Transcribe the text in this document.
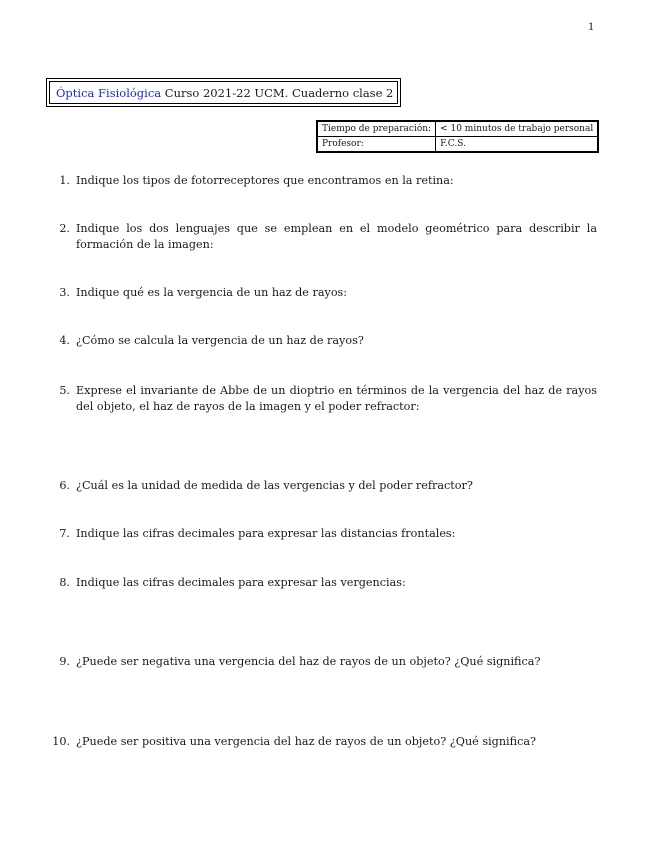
1
Óptica Fisiológica Curso 2021-22 UCM. Cuaderno clase 2
Tiempo de preparación:	< 10 minutos de trabajo personal
Profesor:	F.C.S.
1. Indique los tipos de fotorreceptores que encontramos en la retina:
2. Indique los dos lenguajes que se emplean en el modelo geométrico para describir la formación de la imagen:
3. Indique qué es la vergencia de un haz de rayos:
4. ¿Cómo se calcula la vergencia de un haz de rayos?
5. Exprese el invariante de Abbe de un dioptrio en términos de la vergencia del haz de rayos del objeto, el haz de rayos de la imagen y el poder refractor:
6. ¿Cuál es la unidad de medida de las vergencias y del poder refractor?
7. Indique las cifras decimales para expresar las distancias frontales:
8. Indique las cifras decimales para expresar las vergencias:
9. ¿Puede ser negativa una vergencia del haz de rayos de un objeto? ¿Qué significa?
10. ¿Puede ser positiva una vergencia del haz de rayos de un objeto? ¿Qué significa?
